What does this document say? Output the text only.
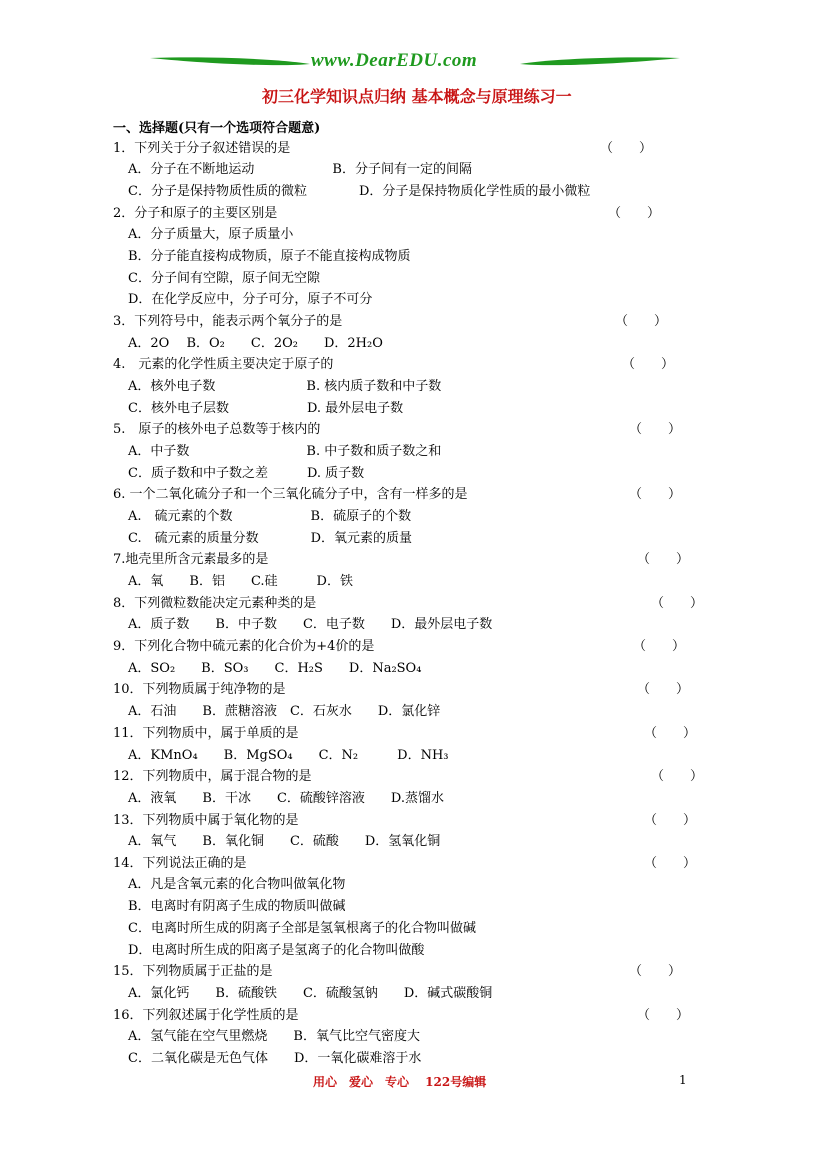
www.DearEDU.com
初三化学知识点归纳 基本概念与原理练习一
一、选择题(只有一个选项符合题意)
1．下列关于分子叙述错误的是	（　　）
A．分子在不断地运动　　　　　　B．分子间有一定的间隔
C．分子是保持物质性质的微粒　　　　D．分子是保持物质化学性质的最小微粒
2．分子和原子的主要区别是	（　　）
A．分子质量大，原子质量小
B．分子能直接构成物质，原子不能直接构成物质
C．分子间有空隙，原子间无空隙
D．在化学反应中，分子可分，原子不可分
3．下列符号中，能表示两个氧分子的是	（　　）
A．2O　 B．O₂　　C．2O₂　　D．2H₂O
4.　元素的化学性质主要决定于原子的	（　　）
A．核外电子数　　　　　　　B. 核内质子数和中子数
C．核外电子层数　　　　　　D. 最外层电子数
5.　原子的核外电子总数等于核内的	（　　）
A．中子数　　　　　　　　　B. 中子数和质子数之和
C．质子数和中子数之差　　　D. 质子数
6. 一个二氧化硫分子和一个三氧化硫分子中，含有一样多的是	（　　）
A.　硫元素的个数　　　　　　B．硫原子的个数
C.　硫元素的质量分数　　　　D．氧元素的质量
7.地壳里所含元素最多的是	（　　）
A．氧　　B．铝　　C.硅　　　D．铁
8．下列微粒数能决定元素种类的是	（　　）
A．质子数　　B．中子数　　C．电子数　　D．最外层电子数
9．下列化合物中硫元素的化合价为+4价的是	（　　）
A．SO₂　　B．SO₃　　C．H₂S　　D．Na₂SO₄
10．下列物质属于纯净物的是	（　　）
A．石油　　B．蔗糖溶液　C．石灰水　　D．氯化锌
11．下列物质中，属于单质的是	（　　）
A．KMnO₄　　B．MgSO₄　　C．N₂　　　D．NH₃
12．下列物质中，属于混合物的是	（　　）
A．液氧　　B．干冰　　C．硫酸锌溶液　　D.蒸馏水
13．下列物质中属于氧化物的是	（　　）
A．氧气　　B．氧化铜　　C．硫酸　　D．氢氧化铜
14．下列说法正确的是	（　　）
A．凡是含氧元素的化合物叫做氧化物
B．电离时有阴离子生成的物质叫做碱
C．电离时所生成的阴离子全部是氢氧根离子的化合物叫做碱
D．电离时所生成的阳离子是氢离子的化合物叫做酸
15．下列物质属于正盐的是	（　　）
A．氯化钙　　B．硫酸铁　　C．硫酸氢钠　　D．碱式碳酸铜
16．下列叙述属于化学性质的是	（　　）
A．氢气能在空气里燃烧　　B．氧气比空气密度大
C．二氧化碳是无色气体　　D．一氧化碳难溶于水
用心　爱心　专心　 122号编辑	1
